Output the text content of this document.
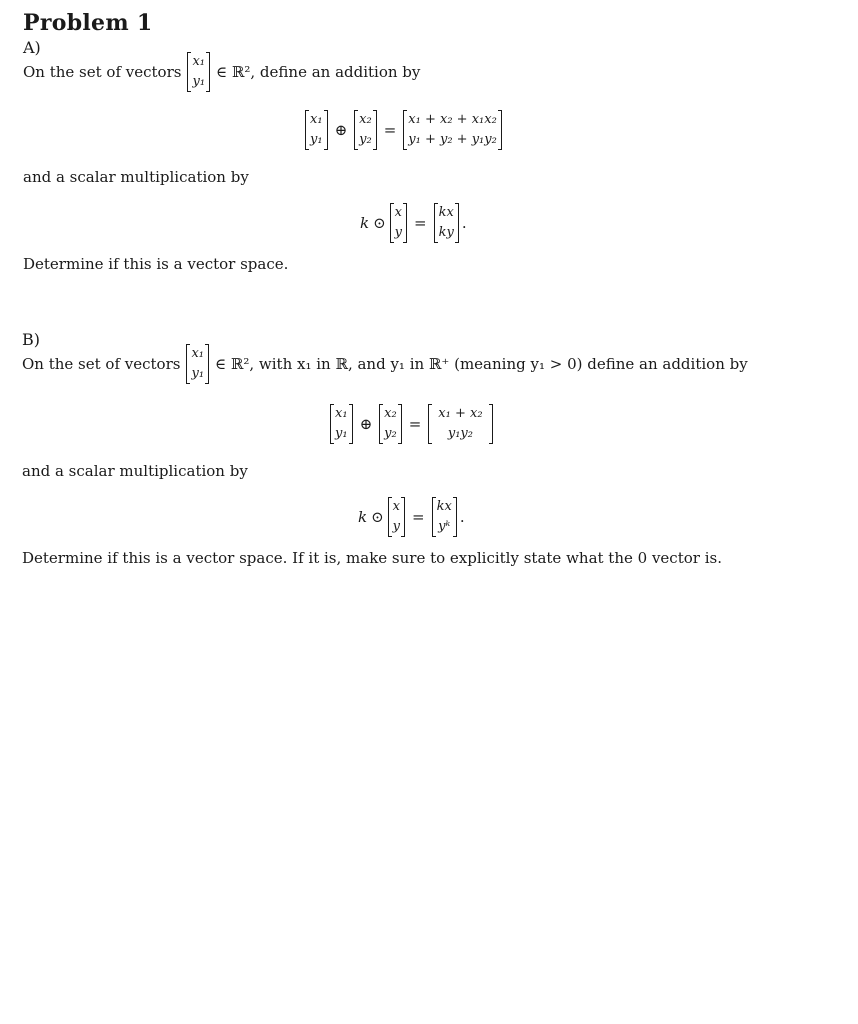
Problem 1
A)
On the set of vectors
x₁
y₁
∈ ℝ², define an addition by
x₁
y₁
⊕
x₂
y₂
=
x₁ + x₂ + x₁x₂
y₁ + y₂ + y₁y₂
and a scalar multiplication by
k ⊙
x
y
=
kx
ky
.
Determine if this is a vector space.
B)
On the set of vectors
x₁
y₁
∈ ℝ², with x₁ in ℝ, and y₁ in ℝ⁺ (meaning y₁ > 0) define an addition by
x₁
y₁
⊕
x₂
y₂
=
x₁ + x₂
y₁y₂
and a scalar multiplication by
k ⊙
x
y
=
kx
yᵏ
.
Determine if this is a vector space. If it is, make sure to explicitly state what the 0 vector is.
